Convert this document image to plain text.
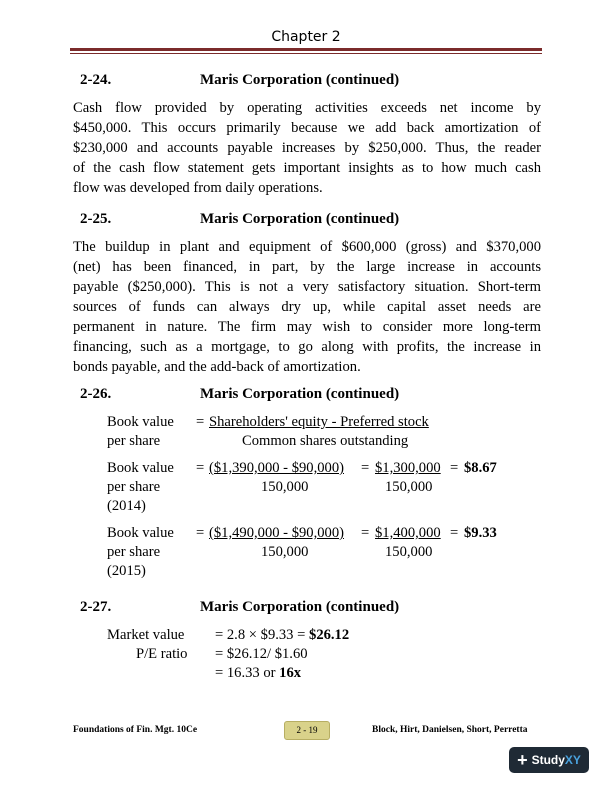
Chapter 2
2-24.	Maris Corporation (continued)
Cash flow provided by operating activities exceeds net income by
$450,000. This occurs primarily because we add back amortization of
$230,000 and accounts payable increases by $250,000. Thus, the reader
of the cash flow statement gets important insights as to how much cash
flow was developed from daily operations.
2-25.	Maris Corporation (continued)
The buildup in plant and equipment of $600,000 (gross) and $370,000
(net) has been financed, in part, by the large increase in accounts
payable ($250,000). This is not a very satisfactory situation. Short-term
sources of funds can always dry up, while capital asset needs are
permanent in nature. The firm may wish to consider more long-term
financing, such as a mortgage, to go along with profits, the increase in
bonds payable, and the add-back of amortization.
2-26.	Maris Corporation (continued)
Book value
per share
= Shareholders' equity - Preferred stock
Common shares outstanding
Book value
per share
(2014)
= ($1,390,000 - $90,000) = $1,300,000 = $8.67
150,000	150,000
Book value
per share
(2015)
= ($1,490,000 - $90,000) = $1,400,000 = $9.33
150,000	150,000
2-27.	Maris Corporation (continued)
Market value = 2.8 × $9.33 = $26.12
P/E ratio = $26.12/ $1.60
= 16.33 or 16x
Foundations of Fin. Mgt. 10Ce	2 - 19	Block, Hirt, Danielsen, Short, Perretta
+ StudyXY
